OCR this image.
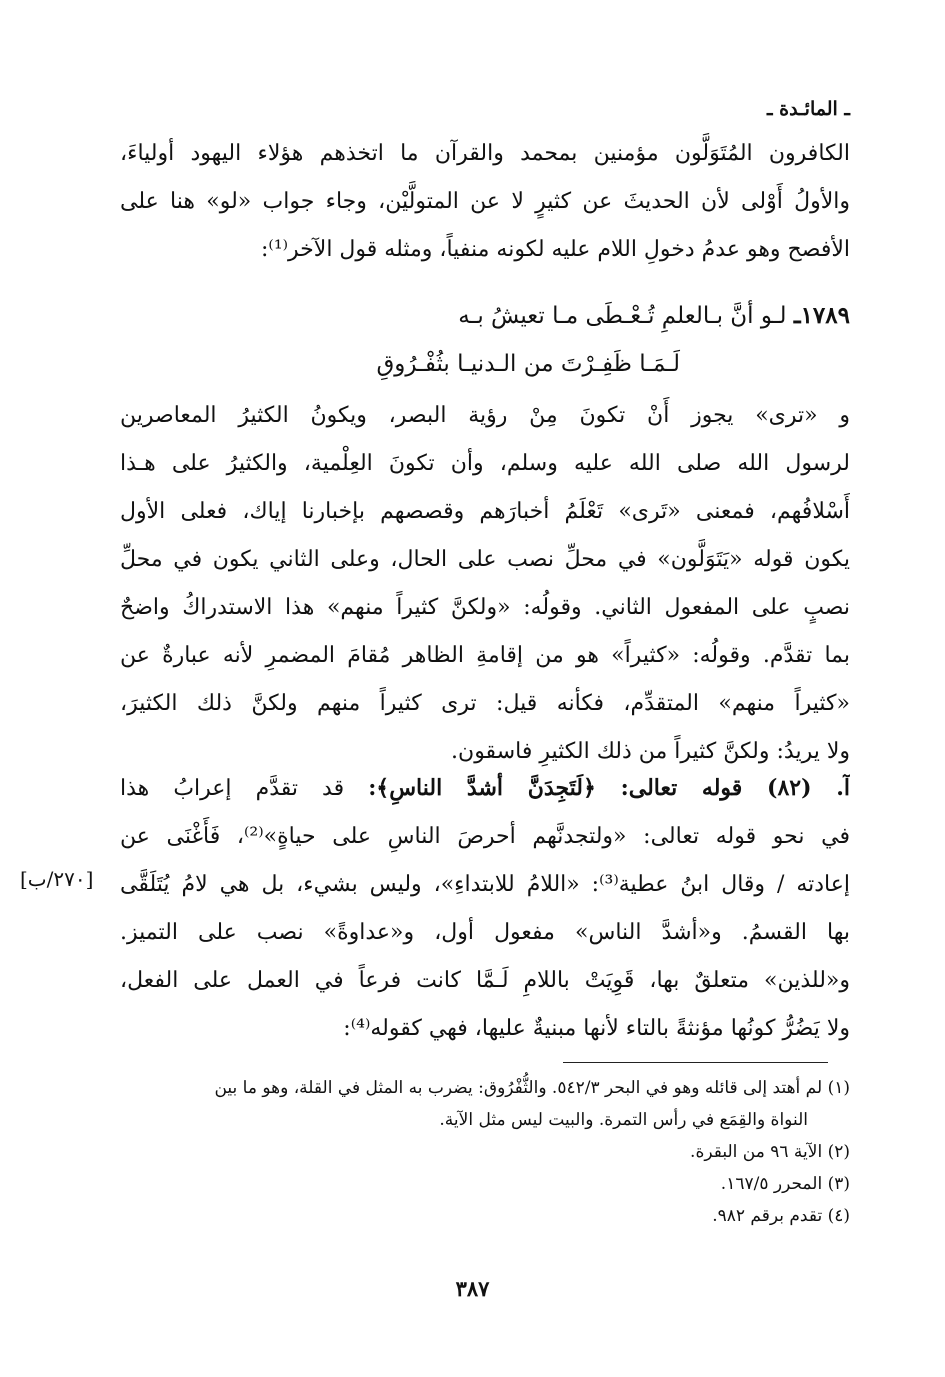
ـ المائـدة ـ
الكافرون المُتَوَلَّون مؤمنين بمحمد والقرآن ما اتخذهم هؤلاء اليهود أولياءَ،
والأولُ أَوْلى لأن الحديثَ عن كثيرٍ لا عن المتولَّيْن، وجاء جواب «لو» هنا على
الأفصح وهو عدمُ دخولِ اللام عليه لكونه منفياً، ومثله قول الآخر⁽¹⁾:
١٧٨٩ـ لـو أنَّ بـالعلمِ تُـعْـطَى مـا تعيشُ بـه
لَـمَـا ظَفِـرْتَ من الـدنيـا بثُفْـرُوقِ
و «ترى» يجوز أَنْ تكونَ مِنْ رؤية البصر، ويكونُ الكثيرُ المعاصرين
لرسول الله صلى الله عليه وسلم، وأن تكونَ العِلْمية، والكثيرُ على هـذا
أَسْلافُهم، فمعنى «تَرى» تَعْلَمُ أخبارَهم وقصصهم بإخبارنا إياك، فعلى الأول
يكون قوله «يَتَوَلَّون» في محلِّ نصب على الحال، وعلى الثاني يكون في محلِّ
نصبٍ على المفعول الثاني. وقولُه: «ولكنَّ كثيراً منهم» هذا الاستدراكُ واضحٌ
بما تقدَّم. وقولُه: «كثيراً» هو من إقامةِ الظاهر مُقامَ المضمرِ لأنه عبارةٌ عن
«كثيراً منهم» المتقدِّم، فكأنه قيل: ترى كثيراً منهم ولكنَّ ذلك الكثيرَ،
ولا يريدُ: ولكنَّ كثيراً من ذلك الكثيرِ فاسقون.
آ. (٨٢) قوله تعالى: ﴿لَتَجِدَنَّ أشدَّ الناسِ﴾: قد تقدَّم إعرابُ هذا
في نحو قوله تعالى: «ولتجدنَّهم أحرصَ الناسِ على حياةٍ»⁽²⁾، فَأَغْنَى عن
إعادته / وقال ابنُ عطية⁽³⁾: «اللامُ للابتداءِ»، وليس بشيء، بل هي لامُ يُتَلَقَّى
بها القسمُ. و«أشدَّ الناس» مفعول أول، و«عداوةً» نصب على التميز.
و«للذين» متعلقٌ بها، قَوِيَتْ باللامِ لَـمَّا كانت فرعاً في العمل على الفعل،
ولا يَضُرُّ كونُها مؤنثةً بالتاء لأنها مبنيةٌ عليها، فهي كقوله⁽⁴⁾:
[٢٧٠/ب]
(١) لم أهتد إلى قائله وهو في البحر ٥٤٢/٣. والثُّفْرُوق: يضرب به المثل في القلة، وهو ما بين
النواة والقِمَع في رأس التمرة. والبيت ليس مثل الآية.
(٢) الآية ٩٦ من البقرة.
(٣) المحرر ١٦٧/٥.
(٤) تقدم برقم ٩٨٢.
٣٨٧
